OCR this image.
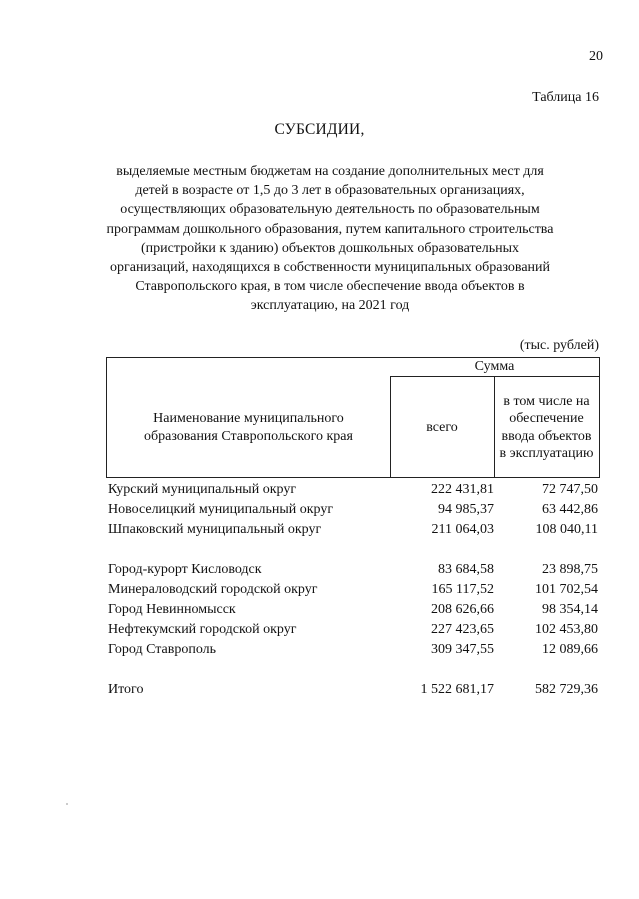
20
Таблица 16
СУБСИДИИ,
выделяемые местным бюджетам на создание дополнительных мест для
детей в возрасте от 1,5 до 3 лет в образовательных организациях,
осуществляющих образовательную деятельность по образовательным
программам дошкольного образования, путем капитального строительства
(пристройки к зданию) объектов дошкольных образовательных
организаций, находящихся в собственности муниципальных образований
Ставропольского края, в том числе обеспечение ввода объектов в
эксплуатацию, на 2021 год
(тыс. рублей)
Наименование муниципального
образования Ставропольского края
Сумма
всего
в том числе на
обеспечение
ввода объектов
в эксплуатацию
Курский муниципальный округ	222 431,81	72 747,50
Новоселицкий муниципальный округ	94 985,37	63 442,86
Шпаковский муниципальный округ	211 064,03	108 040,11
Город-курорт Кисловодск	83 684,58	23 898,75
Минераловодский городской округ	165 117,52	101 702,54
Город Невинномысск	208 626,66	98 354,14
Нефтекумский городской округ	227 423,65	102 453,80
Город Ставрополь	309 347,55	12 089,66
Итого	1 522 681,17	582 729,36
